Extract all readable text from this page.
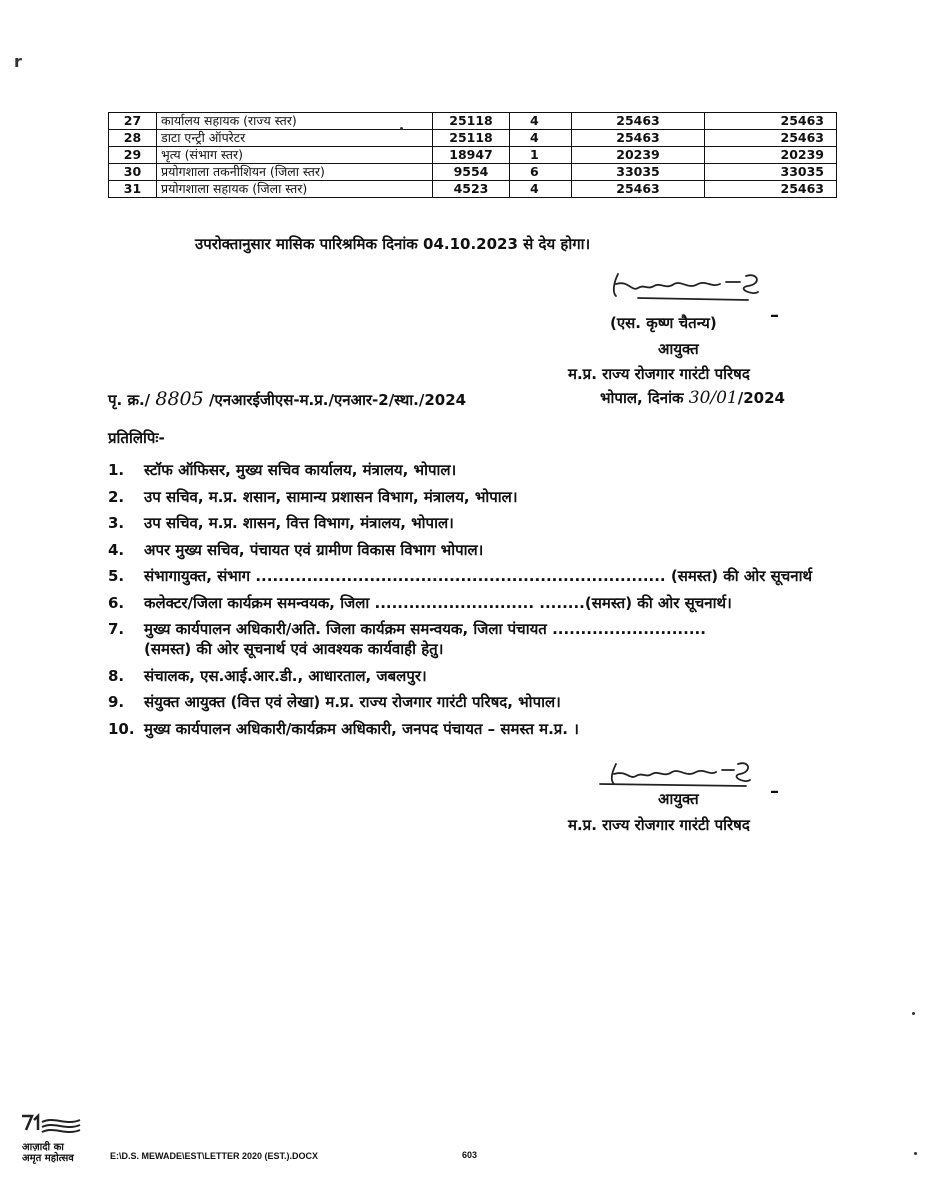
r
27	कार्यालय सहायक (राज्य स्तर)	25118	4	25463	25463
28	डाटा एन्ट्री ऑपरेटर	25118	4	25463	25463
29	भृत्य (संभाग स्तर)	18947	1	20239	20239
30	प्रयोगशाला तकनीशियन (जिला स्तर)	9554	6	33035	33035
31	प्रयोगशाला सहायक (जिला स्तर)	4523	4	25463	25463
उपरोक्तानुसार मासिक पारिश्रमिक दिनांक 04.10.2023 से देय होगा।
(एस. कृष्ण चैतन्य)	–
आयुक्त
म.प्र. राज्य रोजगार गारंटी परिषद
पृ. क्र./ 8805 /एनआरईजीएस-म.प्र./एनआर-2/स्था./2024	भोपाल, दिनांक 30/01/2024
प्रतिलिपिः-
1.	स्टॉफ ऑफिसर, मुख्य सचिव कार्यालय, मंत्रालय, भोपाल।
2.	उप सचिव, म.प्र. शसान, सामान्य प्रशासन विभाग, मंत्रालय, भोपाल।
3.	उप सचिव, म.प्र. शासन, वित्त विभाग, मंत्रालय, भोपाल।
4.	अपर मुख्य सचिव, पंचायत एवं ग्रामीण विकास विभाग भोपाल।
5.	संभागायुक्त, संभाग ........................................................................ (समस्त) की ओर सूचनार्थ
6.	कलेक्टर/जिला कार्यक्रम समन्वयक, जिला ............................ ........(समस्त) की ओर सूचनार्थ।
7.	मुख्य कार्यपालन अधिकारी/अति. जिला कार्यक्रम समन्वयक, जिला पंचायत ...........................
(समस्त) की ओर सूचनार्थ एवं आवश्यक कार्यवाही हेतु।
8.	संचालक, एस.आई.आर.डी., आधारताल, जबलपुर।
9.	संयुक्त आयुक्त (वित्त एवं लेखा) म.प्र. राज्य रोजगार गारंटी परिषद, भोपाल।
10. मुख्य कार्यपालन अधिकारी/कार्यक्रम अधिकारी, जनपद पंचायत – समस्त म.प्र. ।
आयुक्त	–
म.प्र. राज्य रोजगार गारंटी परिषद
आज़ादी का
अमृत महोत्सव	E:\D.S. MEWADE\EST\LETTER 2020 (EST.).DOCX	603
